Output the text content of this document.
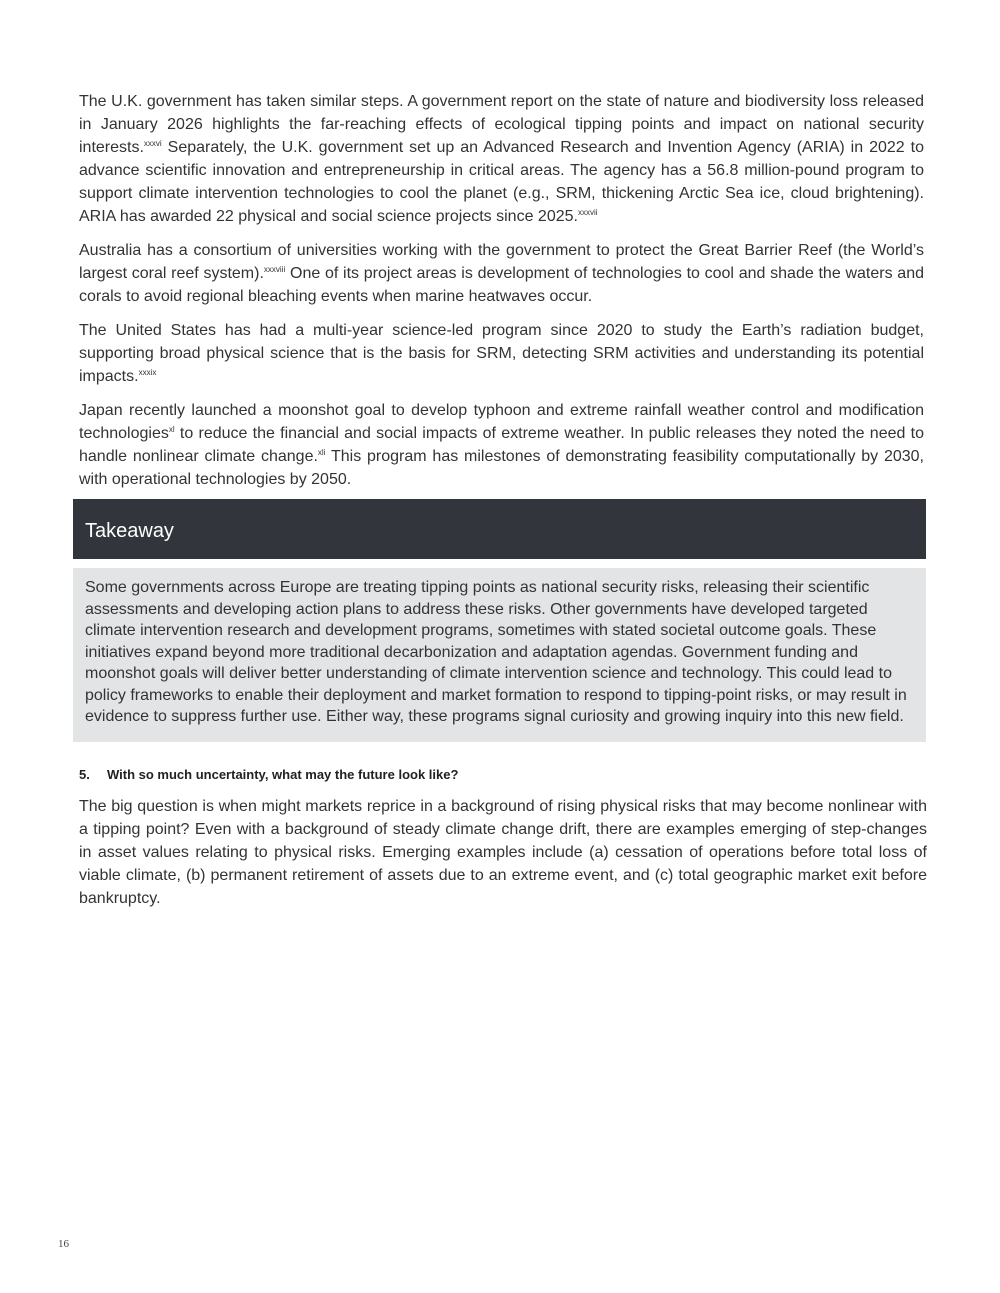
The U.K. government has taken similar steps. A government report on the state of nature and biodiversity loss released in January 2026 highlights the far-reaching effects of ecological tipping points and impact on national security interests.$^{xxxvi}$ Separately, the U.K. government set up an Advanced Research and Invention Agency (ARIA) in 2022 to advance scientific innovation and entrepreneurship in critical areas. The agency has a 56.8 million-pound program to support climate intervention technologies to cool the planet (e.g., SRM, thickening Arctic Sea ice, cloud brightening). ARIA has awarded 22 physical and social science projects since 2025.$^{xxxvii}$

Australia has a consortium of universities working with the government to protect the Great Barrier Reef (the World’s largest coral reef system).$^{xxxviii}$ One of its project areas is development of technologies to cool and shade the waters and corals to avoid regional bleaching events when marine heatwaves occur.

The United States has had a multi-year science-led program since 2020 to study the Earth’s radiation budget, supporting broad physical science that is the basis for SRM, detecting SRM activities and understanding its potential impacts.$^{xxxix}$

Japan recently launched a moonshot goal to develop typhoon and extreme rainfall weather control and modification technologies$^{xl}$ to reduce the financial and social impacts of extreme weather. In public releases they noted the need to handle nonlinear climate change.$^{xli}$ This program has milestones of demonstrating feasibility computationally by 2030, with operational technologies by 2050.

Takeaway
Some governments across Europe are treating tipping points as national security risks, releasing their scientific assessments and developing action plans to address these risks. Other governments have developed targeted climate intervention research and development programs, sometimes with stated societal outcome goals. These initiatives expand beyond more traditional decarbonization and adaptation agendas. Government funding and moonshot goals will deliver better understanding of climate intervention science and technology. This could lead to policy frameworks to enable their deployment and market formation to respond to tipping-point risks, or may result in evidence to suppress further use. Either way, these programs signal curiosity and growing inquiry into this new field.
5. With so much uncertainty, what may the future look like?

The big question is when might markets reprice in a background of rising physical risks that may become nonlinear with a tipping point? Even with a background of steady climate change drift, there are examples emerging of step-changes in asset values relating to physical risks. Emerging examples include (a) cessation of operations before total loss of viable climate, (b) permanent retirement of assets due to an extreme event, and (c) total geographic market exit before bankruptcy.

16
